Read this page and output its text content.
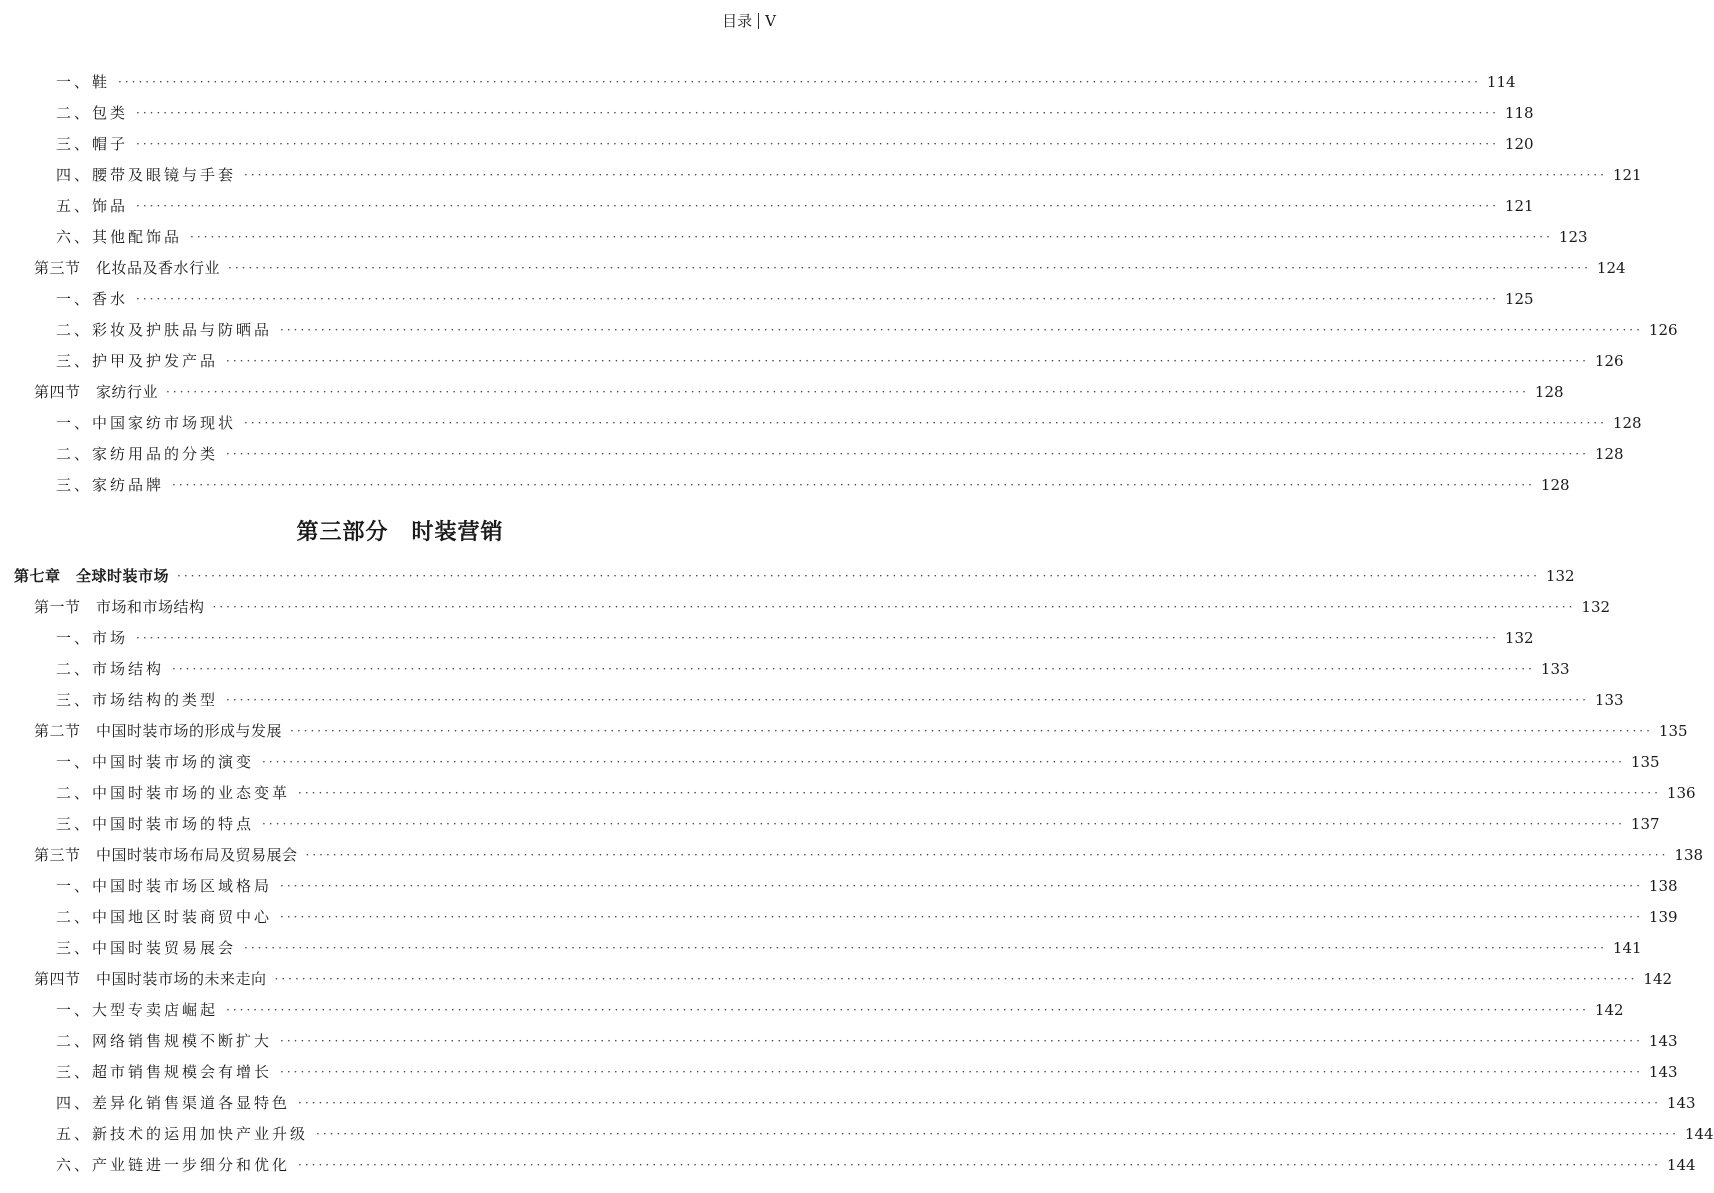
目录 V
一、鞋 ········································································································································································································ 114
二、包类 ········································································································································································································ 118
三、帽子 ········································································································································································································ 120
四、腰带及眼镜与手套 ········································································································································································································ 121
五、饰品 ········································································································································································································ 121
六、其他配饰品 ········································································································································································································ 123
第三节　化妆品及香水行业 ········································································································································································································ 124
一、香水 ········································································································································································································ 125
二、彩妆及护肤品与防晒品 ········································································································································································································ 126
三、护甲及护发产品 ········································································································································································································ 126
第四节　家纺行业 ········································································································································································································ 128
一、中国家纺市场现状 ········································································································································································································ 128
二、家纺用品的分类 ········································································································································································································ 128
三、家纺品牌 ········································································································································································································ 128
第三部分　时装营销
第七章　全球时装市场 ········································································································································································································ 132
第一节　市场和市场结构 ········································································································································································································ 132
一、市场 ········································································································································································································ 132
二、市场结构 ········································································································································································································ 133
三、市场结构的类型 ········································································································································································································ 133
第二节　中国时装市场的形成与发展 ········································································································································································································ 135
一、中国时装市场的演变 ········································································································································································································ 135
二、中国时装市场的业态变革 ········································································································································································································ 136
三、中国时装市场的特点 ········································································································································································································ 137
第三节　中国时装市场布局及贸易展会 ········································································································································································································ 138
一、中国时装市场区域格局 ········································································································································································································ 138
二、中国地区时装商贸中心 ········································································································································································································ 139
三、中国时装贸易展会 ········································································································································································································ 141
第四节　中国时装市场的未来走向 ········································································································································································································ 142
一、大型专卖店崛起 ········································································································································································································ 142
二、网络销售规模不断扩大 ········································································································································································································ 143
三、超市销售规模会有增长 ········································································································································································································ 143
四、差异化销售渠道各显特色 ········································································································································································································ 143
五、新技术的运用加快产业升级 ········································································································································································································ 144
六、产业链进一步细分和优化 ········································································································································································································ 144
